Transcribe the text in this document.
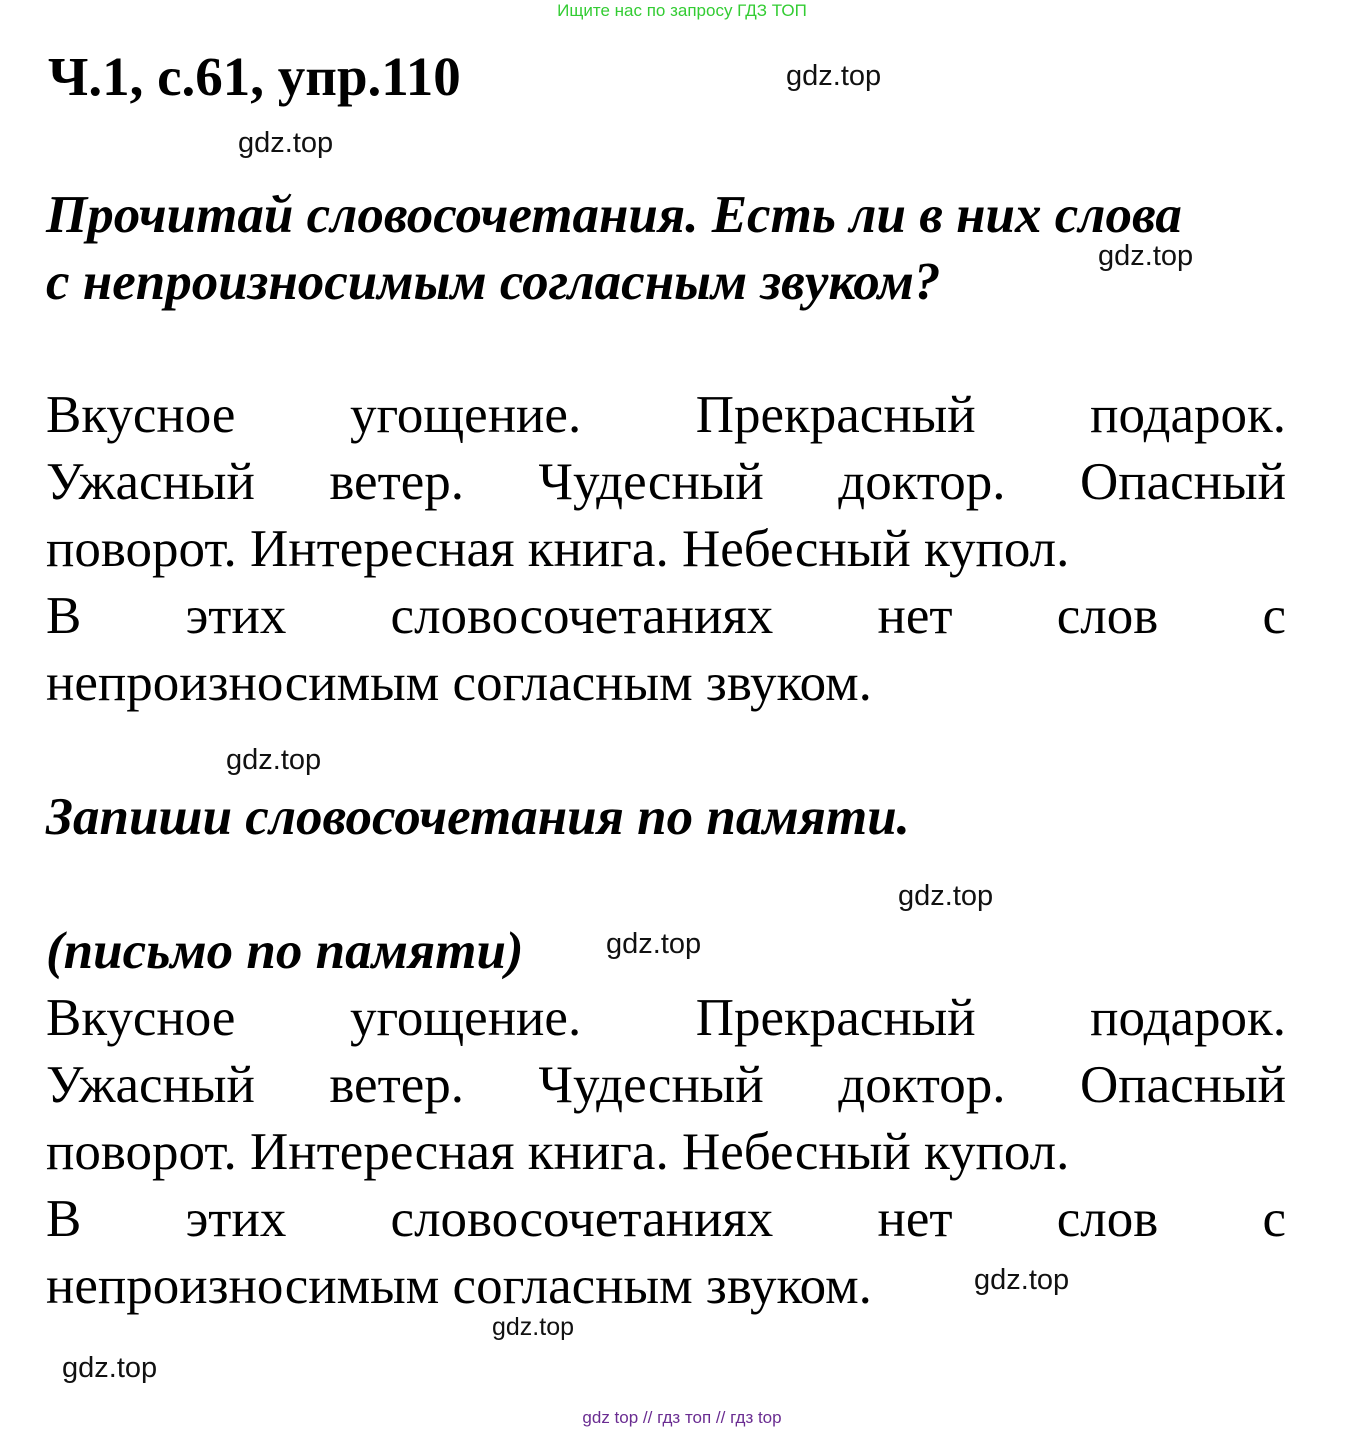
Ищите нас по запросу ГДЗ ТОП
Ч.1, с.61, упр.110	gdz.top
gdz.top
Прочитай словосочетания. Есть ли в них слова
с непроизносимым согласным звуком?	gdz.top
Вкусное угощение. Прекрасный подарок.
Ужасный ветер. Чудесный доктор. Опасный
поворот. Интересная книга. Небесный купол.
В этих словосочетаниях нет слов с
непроизносимым согласным звуком.
gdz.top
Запиши словосочетания по памяти.
gdz.top
(письмо по памяти)	gdz.top
Вкусное угощение. Прекрасный подарок.
Ужасный ветер. Чудесный доктор. Опасный
поворот. Интересная книга. Небесный купол.
В этих словосочетаниях нет слов с
непроизносимым согласным звуком.	gdz.top
gdz.top
gdz.top
gdz top // гдз топ // гдз top
